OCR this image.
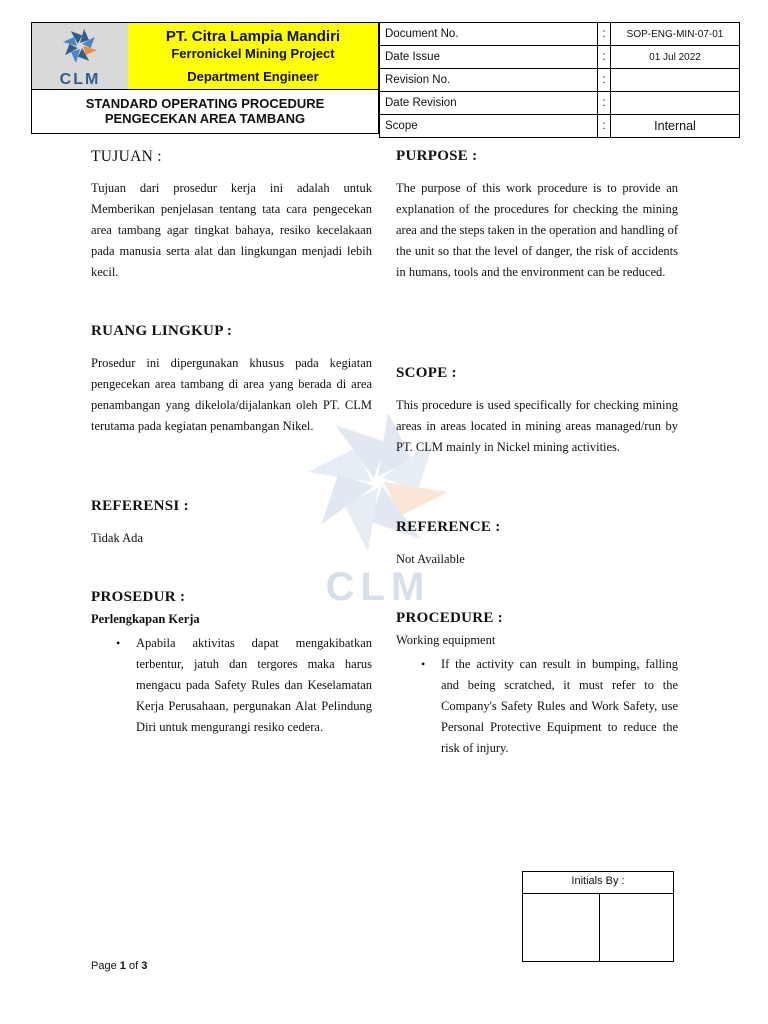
CLM
PT. Citra Lampia Mandiri
Ferronickel Mining Project
Department Engineer
STANDARD OPERATING PROCEDURE
PENGECEKAN AREA TAMBANG
Document No.	:	SOP-ENG-MIN-07-01
Date Issue	:	01 Jul 2022
Revision No.	:	
Date Revision	:	
Scope	:	Internal
CLM
TUJUAN :

Tujuan dari prosedur kerja ini adalah untuk Memberikan penjelasan tentang tata cara pengecekan area tambang agar tingkat bahaya, resiko kecelakaan pada manusia serta alat dan lingkungan menjadi lebih kecil.

RUANG LINGKUP :

Prosedur ini dipergunakan khusus pada kegiatan pengecekan area tambang di area yang berada di area penambangan yang dikelola/dijalankan oleh PT. CLM terutama pada kegiatan penambangan Nikel.

REFERENSI :

Tidak Ada

PROSEDUR :

Perlengkapan Kerja

• Apabila aktivitas dapat mengakibatkan terbentur, jatuh dan tergores maka harus mengacu pada Safety Rules dan Keselamatan Kerja Perusahaan, pergunakan Alat Pelindung Diri untuk mengurangi resiko cedera.
PURPOSE :

The purpose of this work procedure is to provide an explanation of the procedures for checking the mining area and the steps taken in the operation and handling of the unit so that the level of danger, the risk of accidents in humans, tools and the environment can be reduced.

SCOPE :

This procedure is used specifically for checking mining areas in areas located in mining areas managed/run by PT. CLM mainly in Nickel mining activities.

REFERENCE :

Not Available

PROCEDURE :

Working equipment

• If the activity can result in bumping, falling and being scratched, it must refer to the Company's Safety Rules and Work Safety, use Personal Protective Equipment to reduce the risk of injury.
Initials By :
Page 1 of 3
